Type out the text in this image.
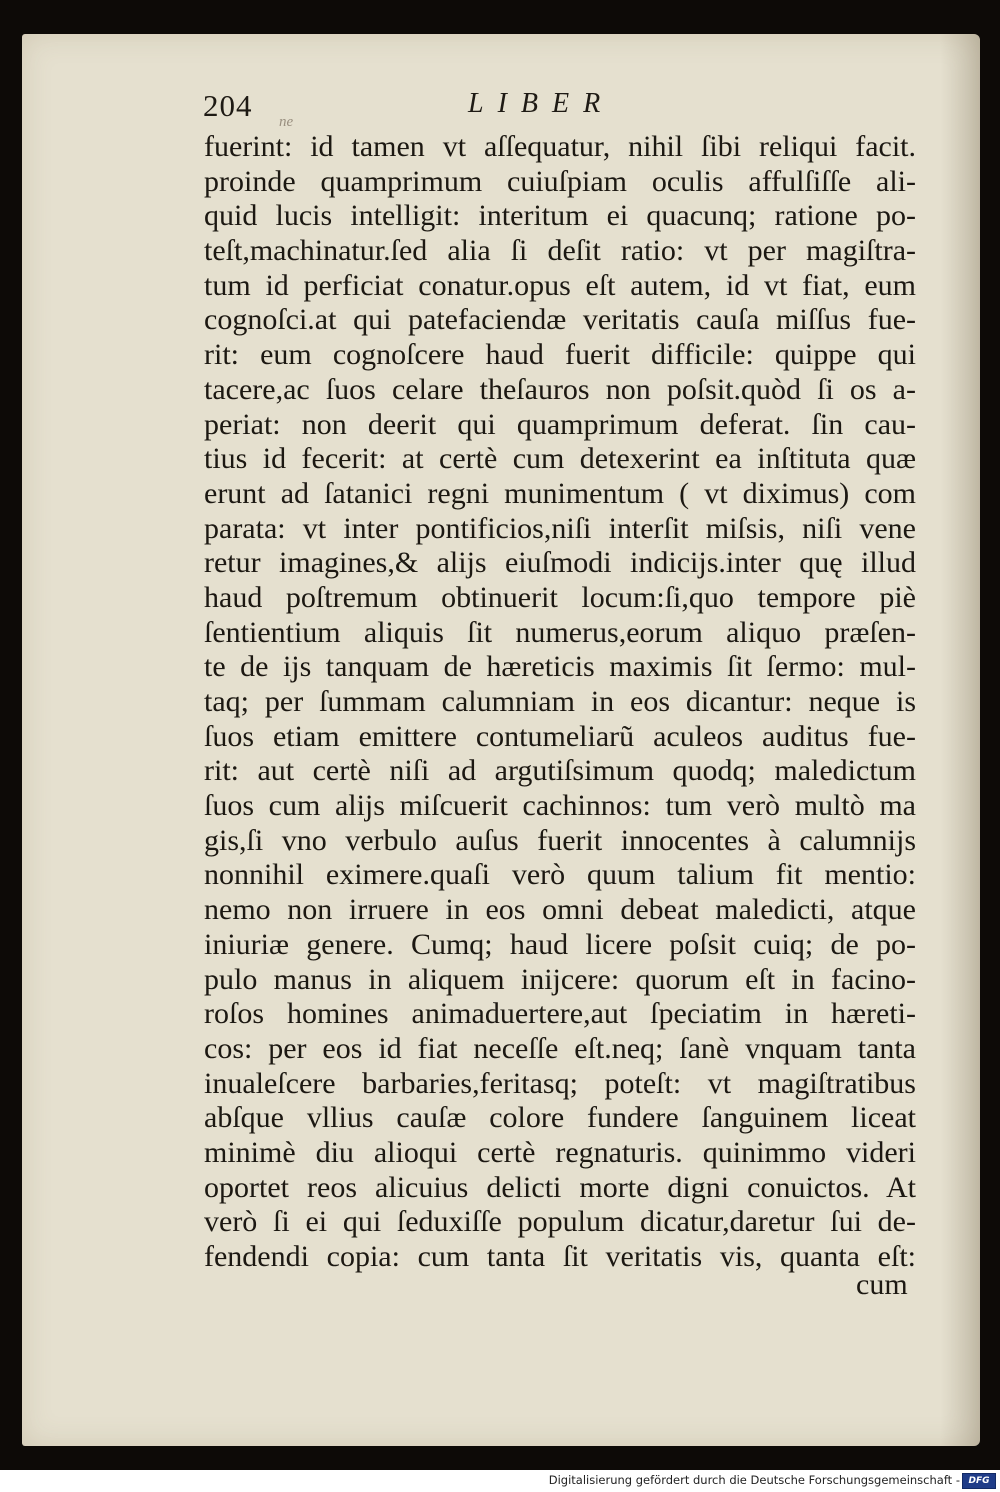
204	LIBER
ne
fuerint: id tamen vt aſſequatur, nihil ſibi reliqui facit.
proinde quamprimum cuiuſpiam oculis affulſiſſe ali-
quid lucis intelligit: interitum ei quacunq; ratione po-
teſt,machinatur.ſed alia ſi deſit ratio: vt per magiſtra-
tum id perficiat conatur.opus eſt autem, id vt fiat, eum
cognoſci.at qui patefaciendæ veritatis cauſa miſſus fue-
rit: eum cognoſcere haud fuerit difficile: quippe qui
tacere,ac ſuos celare theſauros non poſsit.quòd ſi os a-
periat: non deerit qui quamprimum deferat. ſin cau-
tius id fecerit: at certè cum detexerint ea inſtituta quæ
erunt ad ſatanici regni munimentum ( vt diximus) com
parata: vt inter pontificios,niſi interſit miſsis, niſi vene
retur imagines,& alijs eiuſmodi indicijs.inter quę illud
haud poſtremum obtinuerit locum:ſi,quo tempore piè
ſentientium aliquis ſit numerus,eorum aliquo præſen-
te de ijs tanquam de hæreticis maximis ſit ſermo: mul-
taq; per ſummam calumniam in eos dicantur: neque is
ſuos etiam emittere contumeliarũ aculeos auditus fue-
rit: aut certè niſi ad argutiſsimum quodq; maledictum
ſuos cum alijs miſcuerit cachinnos: tum verò multò ma
gis,ſi vno verbulo auſus fuerit innocentes à calumnijs
nonnihil eximere.quaſi verò quum talium fit mentio:
nemo non irruere in eos omni debeat maledicti, atque
iniuriæ genere. Cumq; haud licere poſsit cuiq; de po-
pulo manus in aliquem inijcere: quorum eſt in facino-
roſos homines animaduertere,aut ſpeciatim in hæreti-
cos: per eos id fiat neceſſe eſt.neq; ſanè vnquam tanta
inualeſcere barbaries,feritasq; poteſt: vt magiſtratibus
abſque vllius cauſæ colore fundere ſanguinem liceat
minimè diu alioqui certè regnaturis. quinimmo videri
oportet reos alicuius delicti morte digni conuictos. At
verò ſi ei qui ſeduxiſſe populum dicatur,daretur ſui de-
fendendi copia: cum tanta ſit veritatis vis, quanta eſt:
cum
Digitalisierung gefördert durch die Deutsche Forschungsgemeinschaft - DFG
